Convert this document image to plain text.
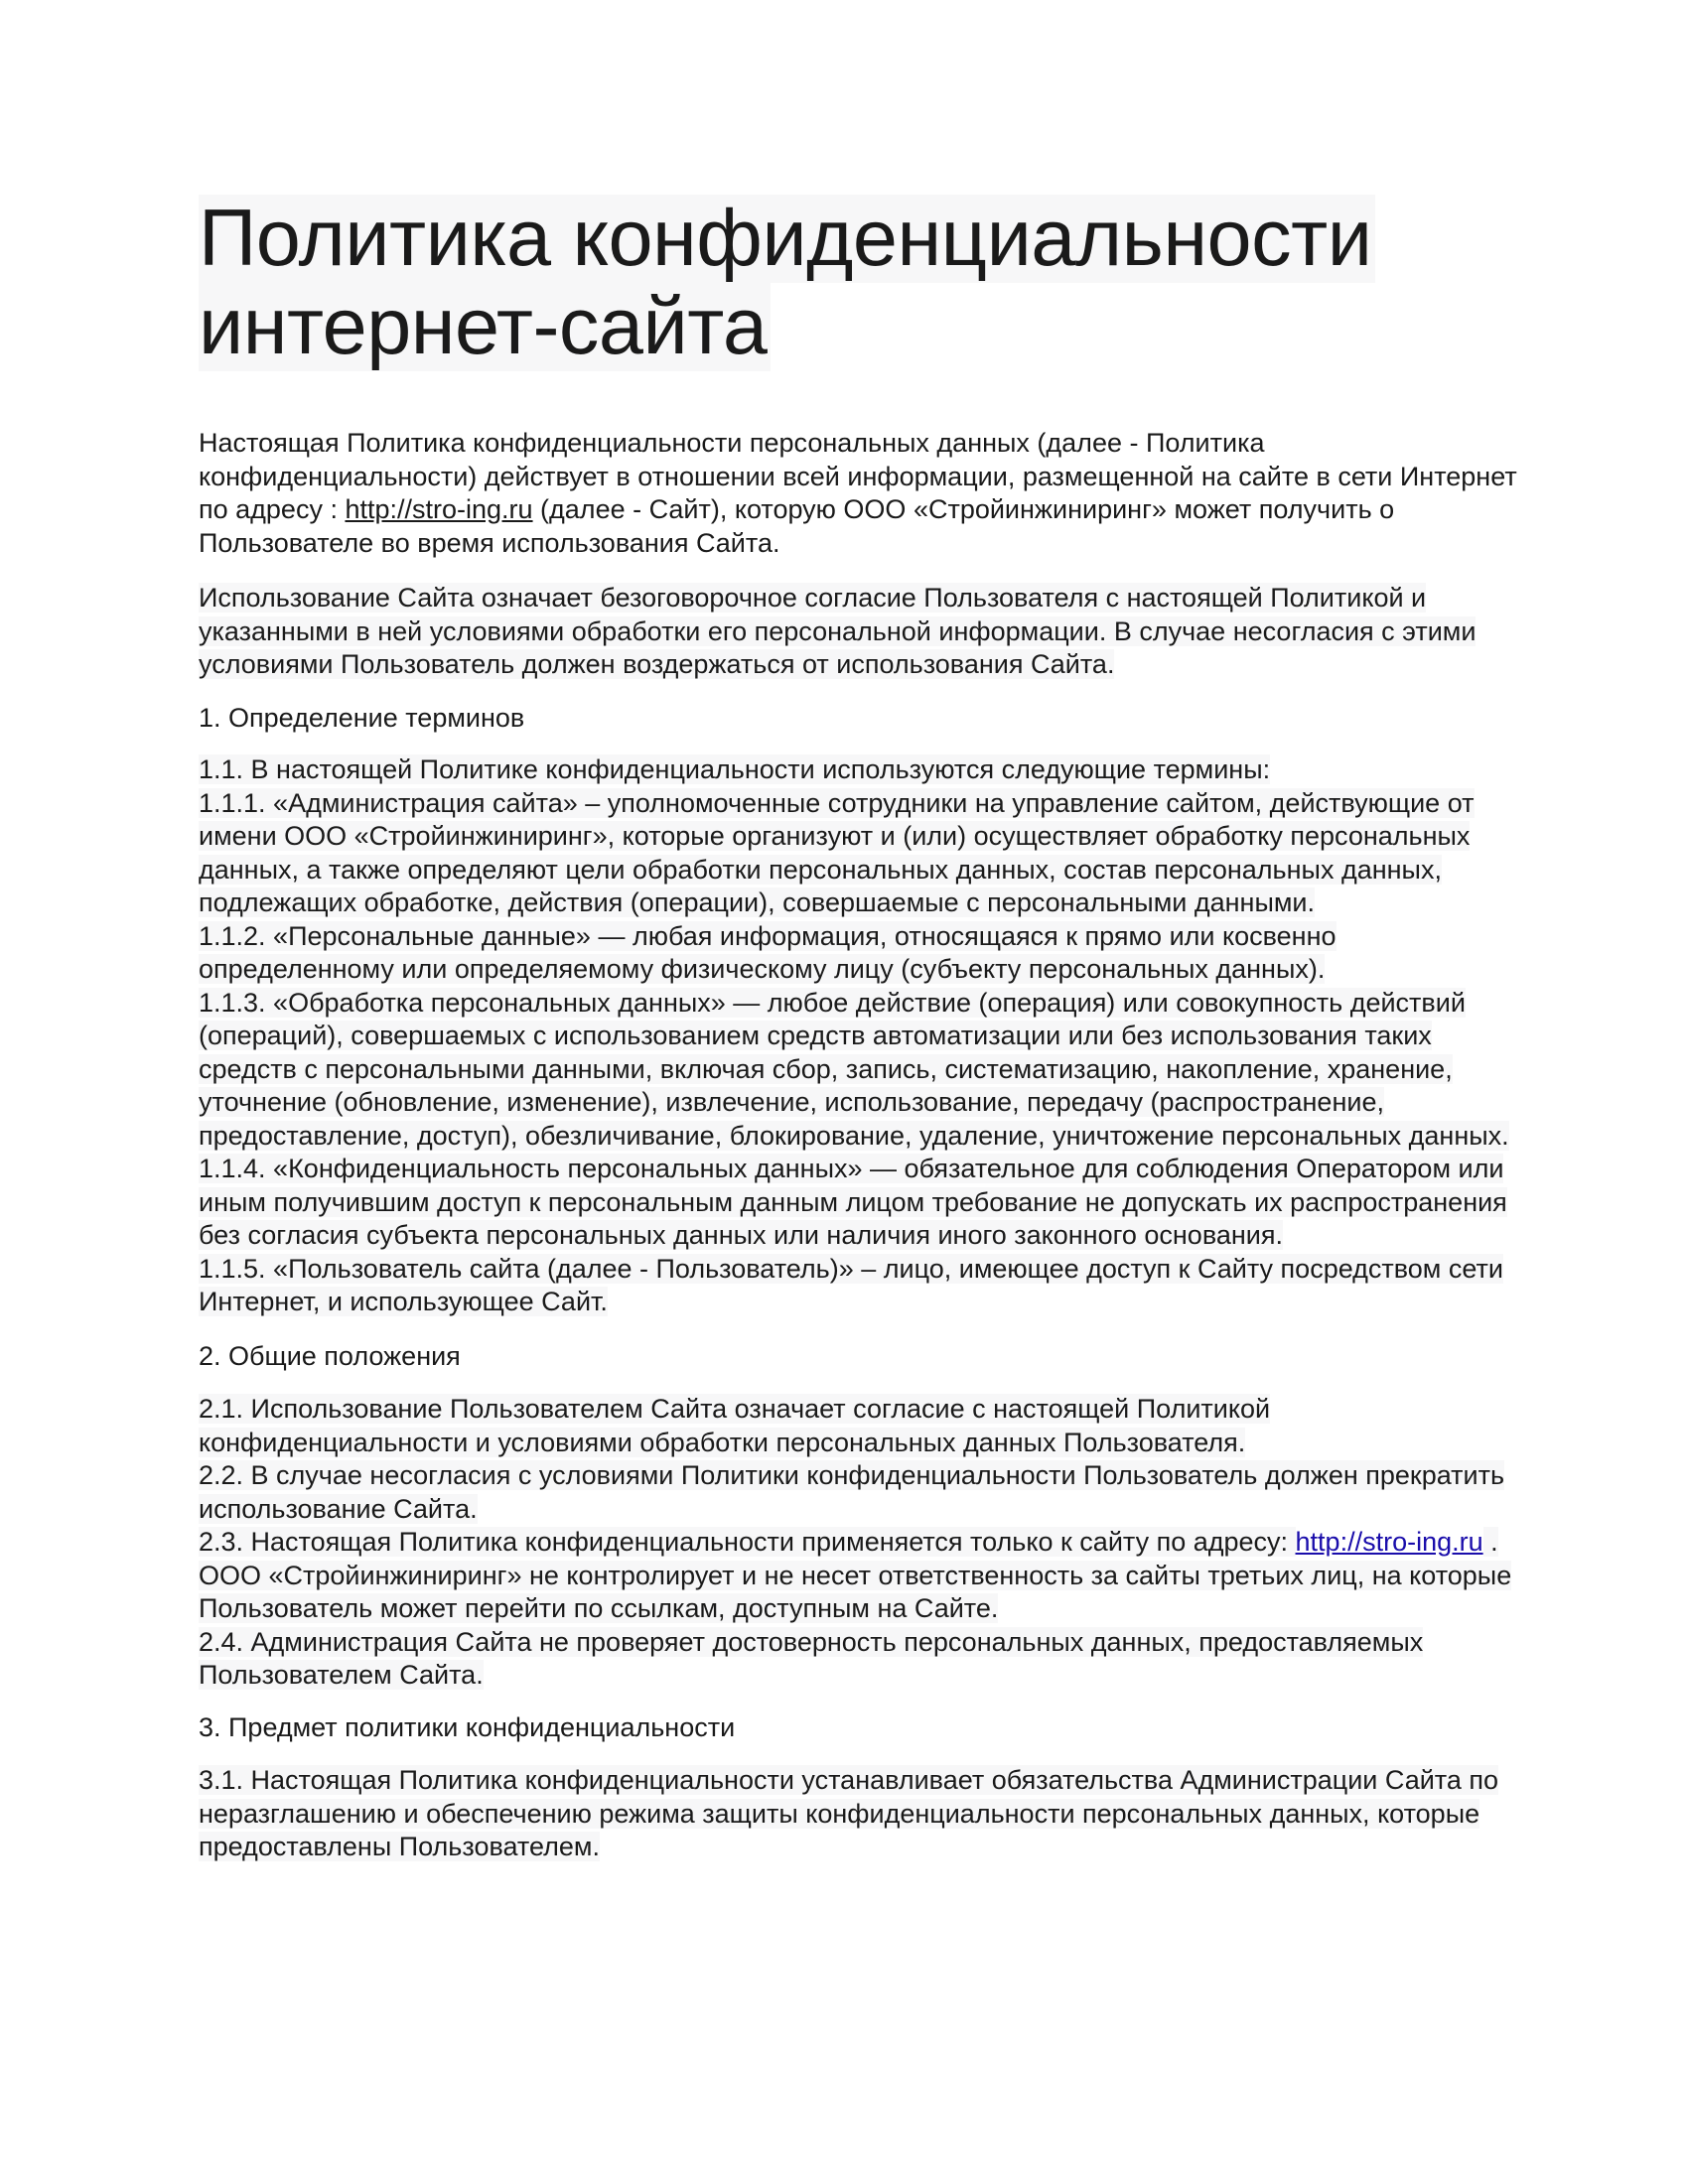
Политика конфиденциальности
интернет-сайта

Настоящая Политика конфиденциальности персональных данных (далее - Политика конфиденциальности) действует в отношении всей информации, размещенной на сайте в сети Интернет по адресу : http://stro-ing.ru (далее - Сайт), которую ООО «Стройинжиниринг» может получить о Пользователе во время использования Сайта.

Использование Сайта означает безоговорочное согласие Пользователя с настоящей Политикой и указанными в ней условиями обработки его персональной информации. В случае несогласия с этими условиями Пользователь должен воздержаться от использования Сайта.

1. Определение терминов

1.1. В настоящей Политике конфиденциальности используются следующие термины:
1.1.1. «Администрация сайта» – уполномоченные сотрудники на управление сайтом, действующие от имени ООО «Стройинжиниринг», которые организуют и (или) осуществляет обработку персональных данных, а также определяют цели обработки персональных данных, состав персональных данных, подлежащих обработке, действия (операции), совершаемые с персональными данными.
1.1.2. «Персональные данные» — любая информация, относящаяся к прямо или косвенно определенному или определяемому физическому лицу (субъекту персональных данных).
1.1.3. «Обработка персональных данных» — любое действие (операция) или совокупность действий (операций), совершаемых с использованием средств автоматизации или без использования таких средств с персональными данными, включая сбор, запись, систематизацию, накопление, хранение, уточнение (обновление, изменение), извлечение, использование, передачу (распространение, предоставление, доступ), обезличивание, блокирование, удаление, уничтожение персональных данных.
1.1.4. «Конфиденциальность персональных данных» — обязательное для соблюдения Оператором или иным получившим доступ к персональным данным лицом требование не допускать их распространения без согласия субъекта персональных данных или наличия иного законного основания.
1.1.5. «Пользователь сайта (далее - Пользователь)» – лицо, имеющее доступ к Сайту посредством сети Интернет, и использующее Сайт.

2. Общие положения

2.1. Использование Пользователем Сайта означает согласие с настоящей Политикой конфиденциальности и условиями обработки персональных данных Пользователя.
2.2. В случае несогласия с условиями Политики конфиденциальности Пользователь должен прекратить использование Сайта.
2.3. Настоящая Политика конфиденциальности применяется только к сайту по адресу: http://stro-ing.ru . ООО «Стройинжиниринг» не контролирует и не несет ответственность за сайты третьих лиц, на которые Пользователь может перейти по ссылкам, доступным на Сайте.
2.4. Администрация Сайта не проверяет достоверность персональных данных, предоставляемых Пользователем Сайта.

3. Предмет политики конфиденциальности

3.1. Настоящая Политика конфиденциальности устанавливает обязательства Администрации Сайта по неразглашению и обеспечению режима защиты конфиденциальности персональных данных, которые предоставлены Пользователем.
